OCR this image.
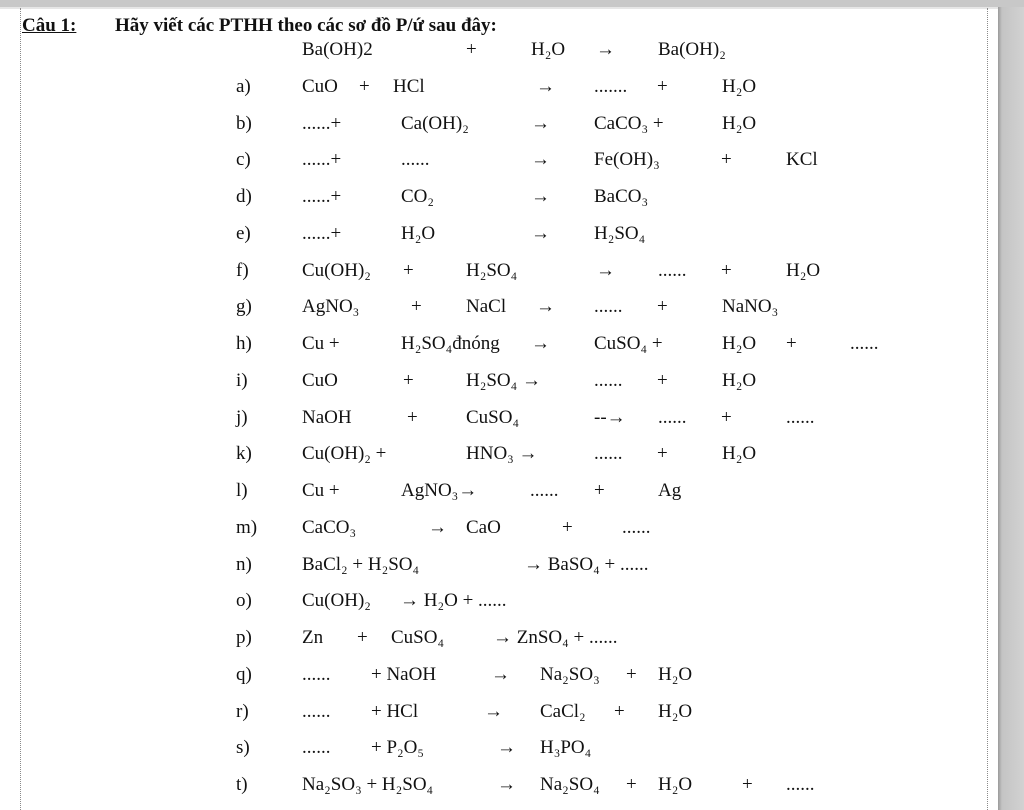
Câu 1: Hãy viết các PTHH theo các sơ đồ P/ứ sau đây:
Ba(OH)2	+	H₂O → Ba(OH)₂
a)	CuO + HCl	→ ....... +	H₂O
b)	......+	Ca(OH)₂	→ CaCO₃ +	H₂O
c)	......+	......	→ Fe(OH)₃	+	KCl
d)	......+	CO₂	→ BaCO₃
e)	......+	H₂O	→ H₂SO₄
f)	Cu(OH)₂ +	H₂SO₄	→ ...... +	H₂O
g)	AgNO₃	+ NaCl → ...... +	NaNO₃
h)	Cu +	H₂SO₄đnóng → CuSO₄ +	H₂O +	......
i)	CuO	+	H₂SO₄ →	...... +	H₂O
j)	NaOH	+	CuSO₄	--→ ...... +	......
k)	Cu(OH)₂ +	HNO₃ →	...... +	H₂O
l)	Cu +	AgNO₃→	...... +	Ag
m) CaCO₃	→ CaO	+	......
n)	BaCl₂ + H₂SO₄	→ BaSO₄ + ......
o)	Cu(OH)₂ → H₂O + ......
p)	Zn + CuSO₄	→ ZnSO₄ + ......
q)	...... + NaOH	→ Na₂SO₃ + H₂O
r)	...... + HCl	→ CaCl₂ + H₂O
s)	...... + P₂O₅	→ H₃PO₄
t)	Na₂SO₃ + H₂SO₄	→ Na₂SO₄ + H₂O	+ ......
